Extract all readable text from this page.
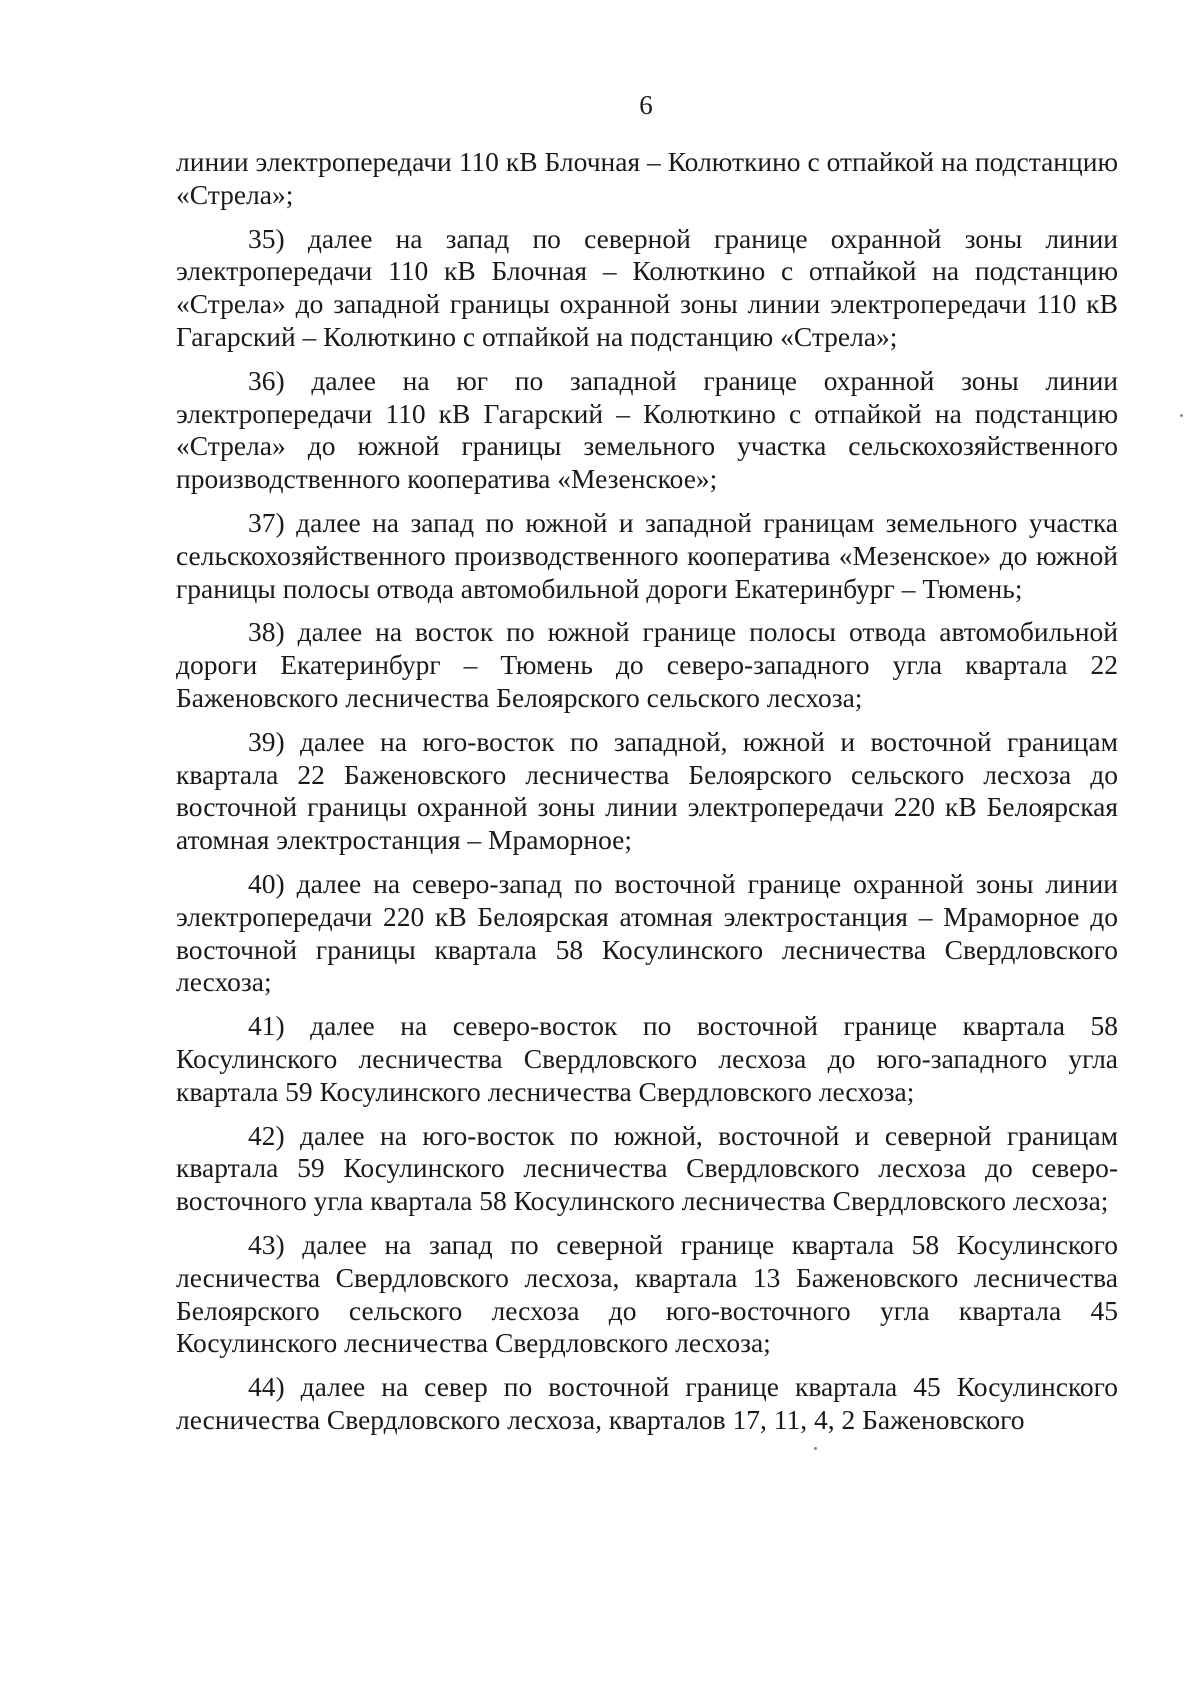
6

линии электропередачи 110 кВ Блочная – Колюткино с отпайкой на подстанцию «Стрела»;

35) далее на запад по северной границе охранной зоны линии электропередачи 110 кВ Блочная – Колюткино с отпайкой на подстанцию «Стрела» до западной границы охранной зоны линии электропередачи 110 кВ Гагарский – Колюткино с отпайкой на подстанцию «Стрела»;

36) далее на юг по западной границе охранной зоны линии электропередачи 110 кВ Гагарский – Колюткино с отпайкой на подстанцию «Стрела» до южной границы земельного участка сельскохозяйственного производственного кооператива «Мезенское»;

37) далее на запад по южной и западной границам земельного участка сельскохозяйственного производственного кооператива «Мезенское» до южной границы полосы отвода автомобильной дороги Екатеринбург – Тюмень;

38) далее на восток по южной границе полосы отвода автомобильной дороги Екатеринбург – Тюмень до северо-западного угла квартала 22 Баженовского лесничества Белоярского сельского лесхоза;

39) далее на юго-восток по западной, южной и восточной границам квартала 22 Баженовского лесничества Белоярского сельского лесхоза до восточной границы охранной зоны линии электропередачи 220 кВ Белоярская атомная электростанция – Мраморное;

40) далее на северо-запад по восточной границе охранной зоны линии электропередачи 220 кВ Белоярская атомная электростанция – Мраморное до восточной границы квартала 58 Косулинского лесничества Свердловского лесхоза;

41) далее на северо-восток по восточной границе квартала 58 Косулинского лесничества Свердловского лесхоза до юго-западного угла квартала 59 Косулинского лесничества Свердловского лесхоза;

42) далее на юго-восток по южной, восточной и северной границам квартала 59 Косулинского лесничества Свердловского лесхоза до северо-восточного угла квартала 58 Косулинского лесничества Свердловского лесхоза;

43) далее на запад по северной границе квартала 58 Косулинского лесничества Свердловского лесхоза, квартала 13 Баженовского лесничества Белоярского сельского лесхоза до юго-восточного угла квартала 45 Косулинского лесничества Свердловского лесхоза;

44) далее на север по восточной границе квартала 45 Косулинского лесничества Свердловского лесхоза, кварталов 17, 11, 4, 2 Баженовского
